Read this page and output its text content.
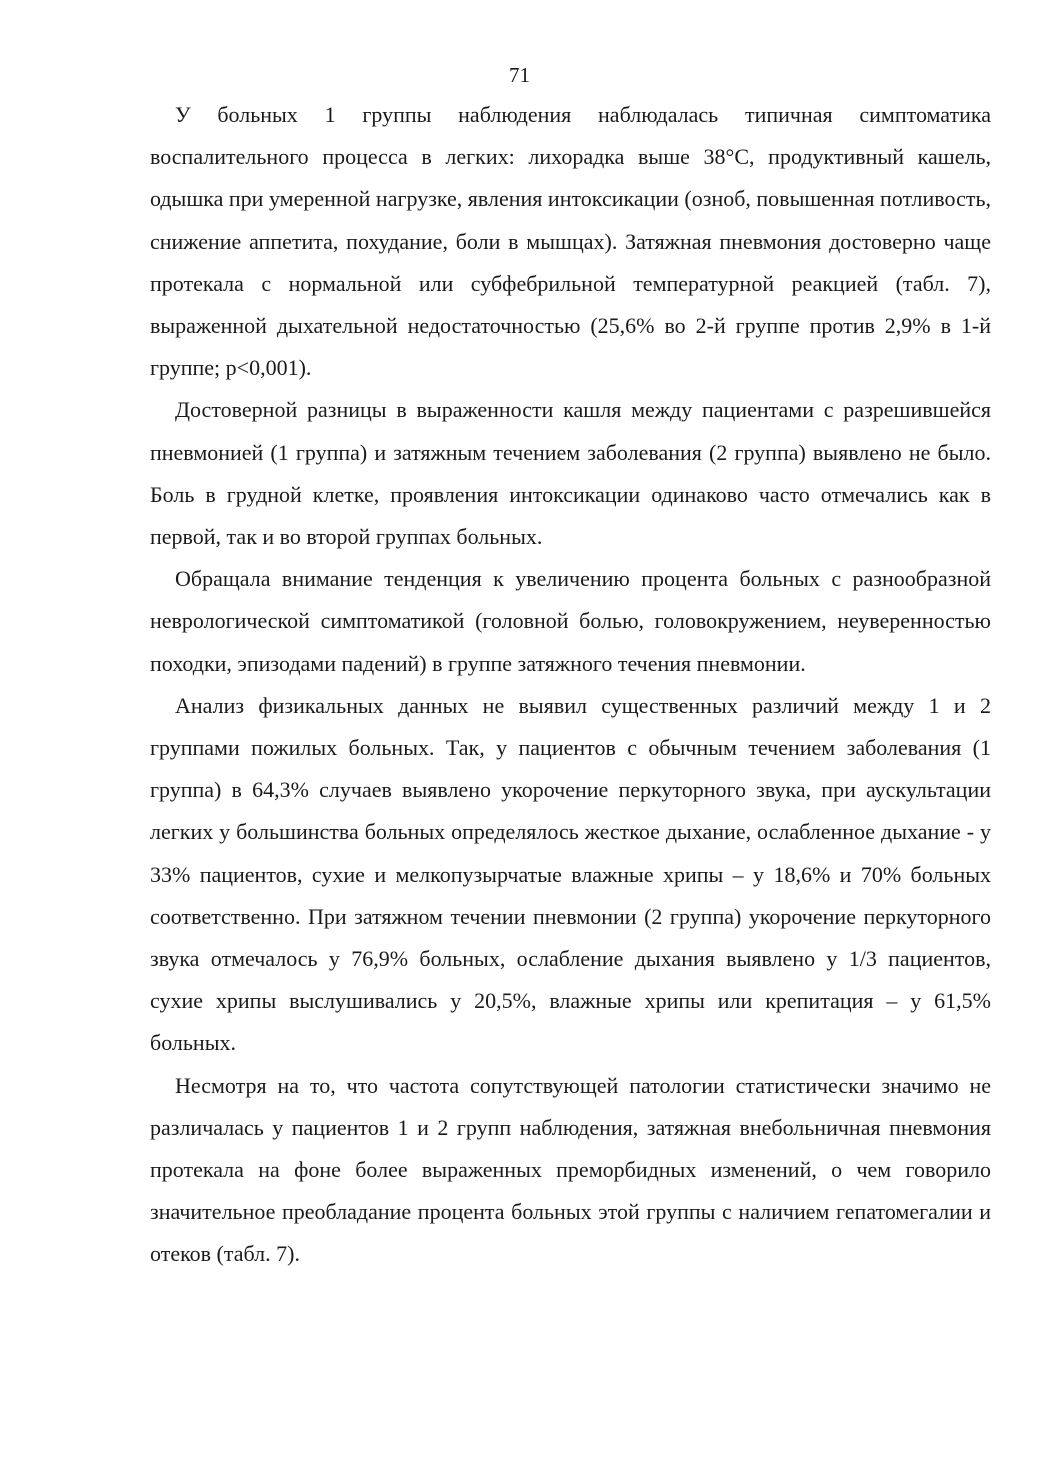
71

У больных 1 группы наблюдения наблюдалась типичная симптоматика воспалительного процесса в легких: лихорадка выше 38°С, продуктивный кашель, одышка при умеренной нагрузке, явления интоксикации (озноб, повышенная потливость, снижение аппетита, похудание, боли в мышцах). Затяжная пневмония достоверно чаще протекала с нормальной или субфебрильной температурной реакцией (табл. 7), выраженной дыхательной недостаточностью (25,6% во 2-й группе против 2,9% в 1-й группе; p<0,001).

Достоверной разницы в выраженности кашля между пациентами с разрешившейся пневмонией (1 группа) и затяжным течением заболевания (2 группа) выявлено не было. Боль в грудной клетке, проявления интоксикации одинаково часто отмечались как в первой, так и во второй группах больных.

Обращала внимание тенденция к увеличению процента больных с разнообразной неврологической симптоматикой (головной болью, головокружением, неуверенностью походки, эпизодами падений) в группе затяжного течения пневмонии.

Анализ физикальных данных не выявил существенных различий между 1 и 2 группами пожилых больных. Так, у пациентов с обычным течением заболевания (1 группа) в 64,3% случаев выявлено укорочение перкуторного звука, при аускультации легких у большинства больных определялось жесткое дыхание, ослабленное дыхание - у 33% пациентов, сухие и мелкопузырчатые влажные хрипы – у 18,6% и 70% больных соответственно. При затяжном течении пневмонии (2 группа) укорочение перкуторного звука отмечалось у 76,9% больных, ослабление дыхания выявлено у 1/3 пациентов, сухие хрипы выслушивались у 20,5%, влажные хрипы или крепитация – у 61,5% больных.

Несмотря на то, что частота сопутствующей патологии статистически значимо не различалась у пациентов 1 и 2 групп наблюдения, затяжная внебольничная пневмония протекала на фоне более выраженных преморбидных изменений, о чем говорило значительное преобладание процента больных этой группы с наличием гепатомегалии и отеков (табл. 7).
